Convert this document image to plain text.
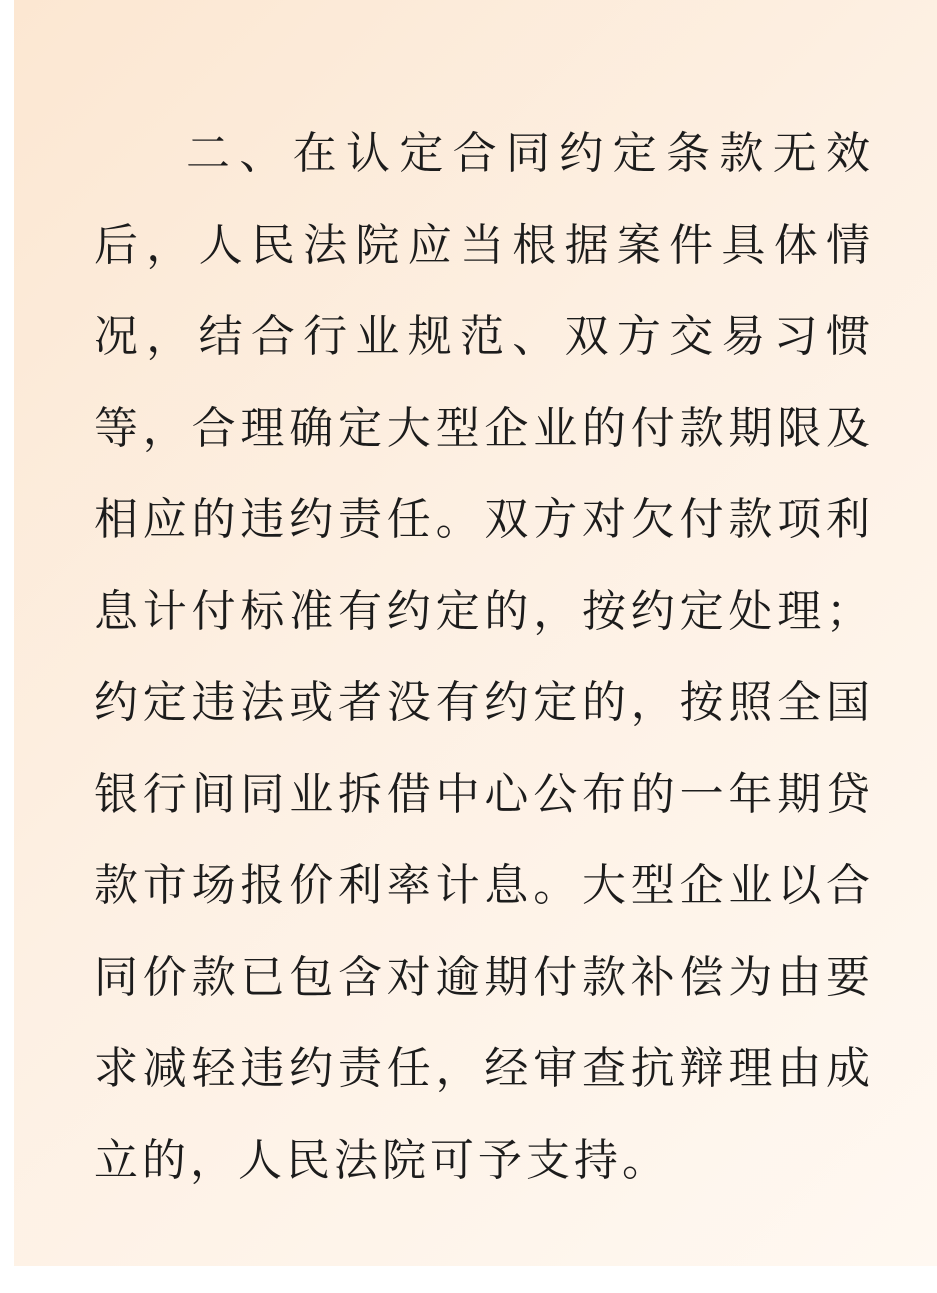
二、在认定合同约定条款无效后，人民法院应当根据案件具体情况，结合行业规范、双方交易习惯等，合理确定大型企业的付款期限及相应的违约责任。双方对欠付款项利息计付标准有约定的，按约定处理；约定违法或者没有约定的，按照全国银行间同业拆借中心公布的一年期贷款市场报价利率计息。大型企业以合同价款已包含对逾期付款补偿为由要求减轻违约责任，经审查抗辩理由成立的，人民法院可予支持。
